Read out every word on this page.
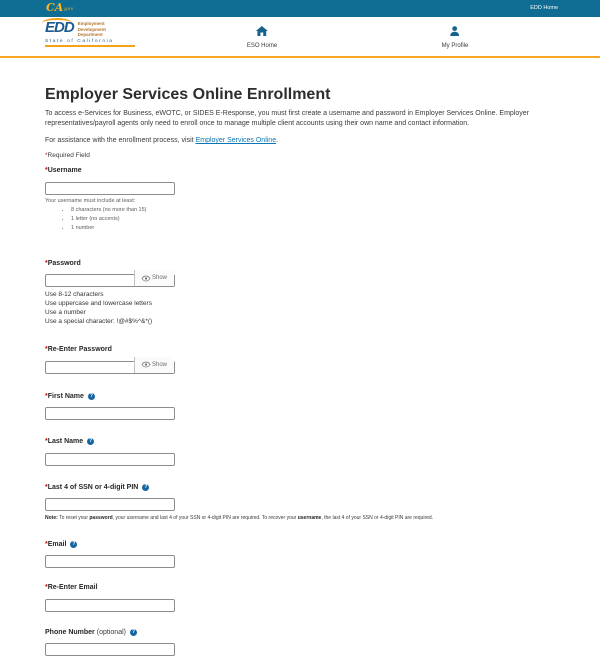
CA gov	EDD Home
EDD Employment
Development
Department
State of California
ESO Home	My Profile
Employer Services Online Enrollment

To access e-Services for Business, eWOTC, or SIDES E-Response, you must first create a username and password in Employer Services Online. Employer representatives/payroll agents only need to enroll once to manage multiple client accounts using their own name and contact information.

For assistance with the enrollment process, visit Employer Services Online.

*Required Field

* Username
Your username must include at least:
• 8 characters (no more than 15)
• 1 letter (no accents)
• 1 number
* Password
Show
Use 8-12 characters
Use uppercase and lowercase letters
Use a number
Use a special character: !@#$%^&*()
* Re-Enter Password
Show
* First Name	?
* Last Name	?
* Last 4 of SSN or 4-digit PIN	?

Note: To reset your password, your username and last 4 of your SSN or 4-digit PIN are required. To recover your username, the last 4 of your SSN or 4-digit PIN are required.

* Email	?
* Re-Enter Email
Phone Number (optional)	?
